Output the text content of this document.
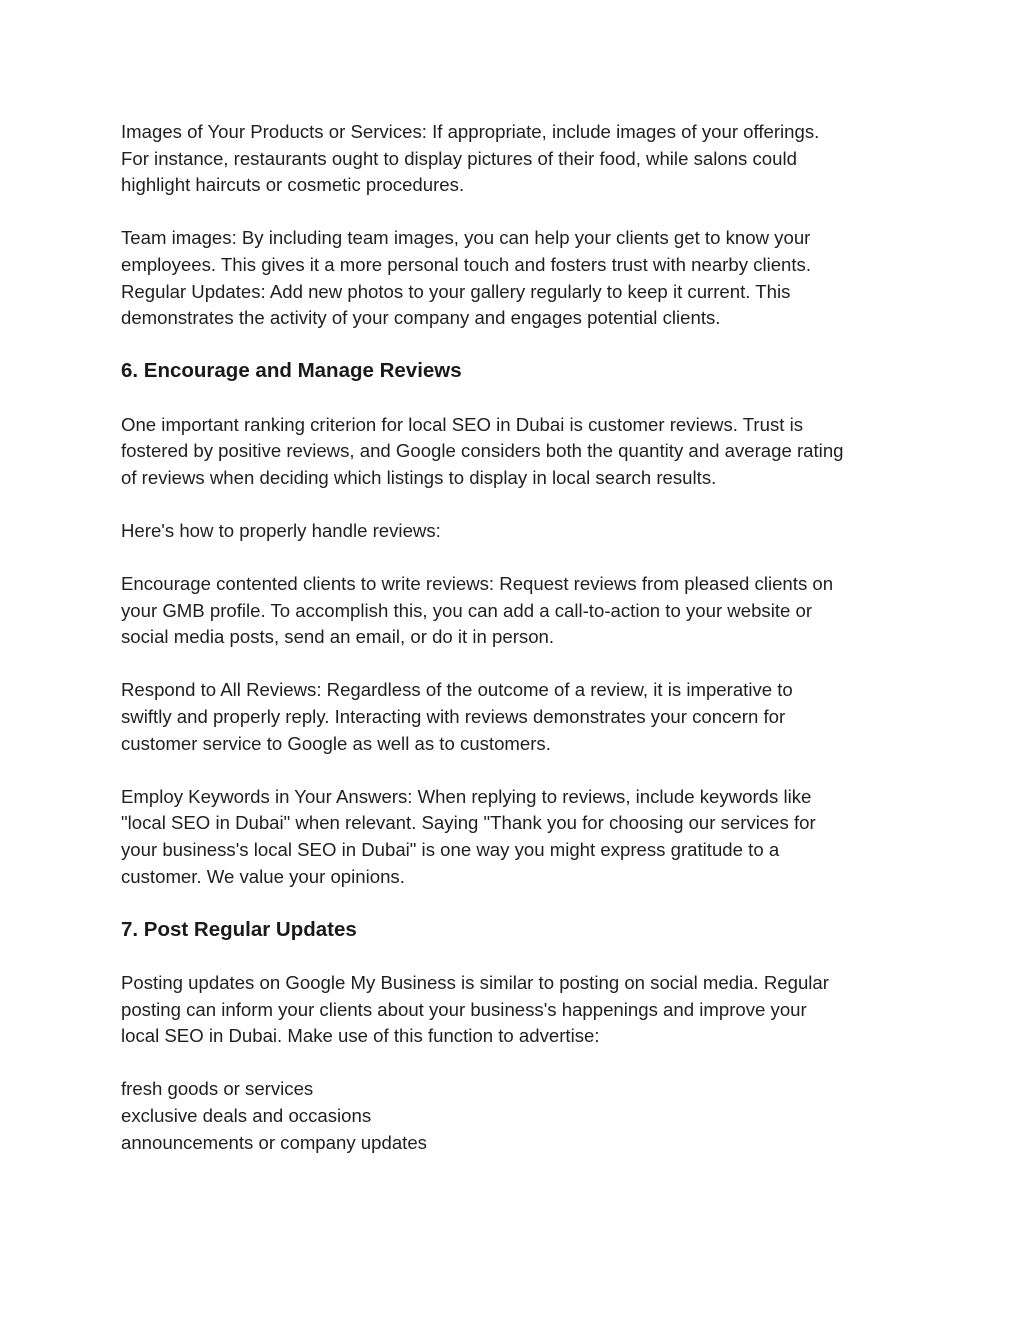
Images of Your Products or Services: If appropriate, include images of your offerings.
For instance, restaurants ought to display pictures of their food, while salons could
highlight haircuts or cosmetic procedures.

Team images: By including team images, you can help your clients get to know your
employees. This gives it a more personal touch and fosters trust with nearby clients.
Regular Updates: Add new photos to your gallery regularly to keep it current. This
demonstrates the activity of your company and engages potential clients.

6. Encourage and Manage Reviews

One important ranking criterion for local SEO in Dubai is customer reviews. Trust is
fostered by positive reviews, and Google considers both the quantity and average rating
of reviews when deciding which listings to display in local search results.

Here's how to properly handle reviews:

Encourage contented clients to write reviews: Request reviews from pleased clients on
your GMB profile. To accomplish this, you can add a call-to-action to your website or
social media posts, send an email, or do it in person.

Respond to All Reviews: Regardless of the outcome of a review, it is imperative to
swiftly and properly reply. Interacting with reviews demonstrates your concern for
customer service to Google as well as to customers.

Employ Keywords in Your Answers: When replying to reviews, include keywords like
"local SEO in Dubai" when relevant. Saying "Thank you for choosing our services for
your business's local SEO in Dubai" is one way you might express gratitude to a
customer. We value your opinions.

7. Post Regular Updates

Posting updates on Google My Business is similar to posting on social media. Regular
posting can inform your clients about your business's happenings and improve your
local SEO in Dubai. Make use of this function to advertise:

fresh goods or services
exclusive deals and occasions
announcements or company updates
